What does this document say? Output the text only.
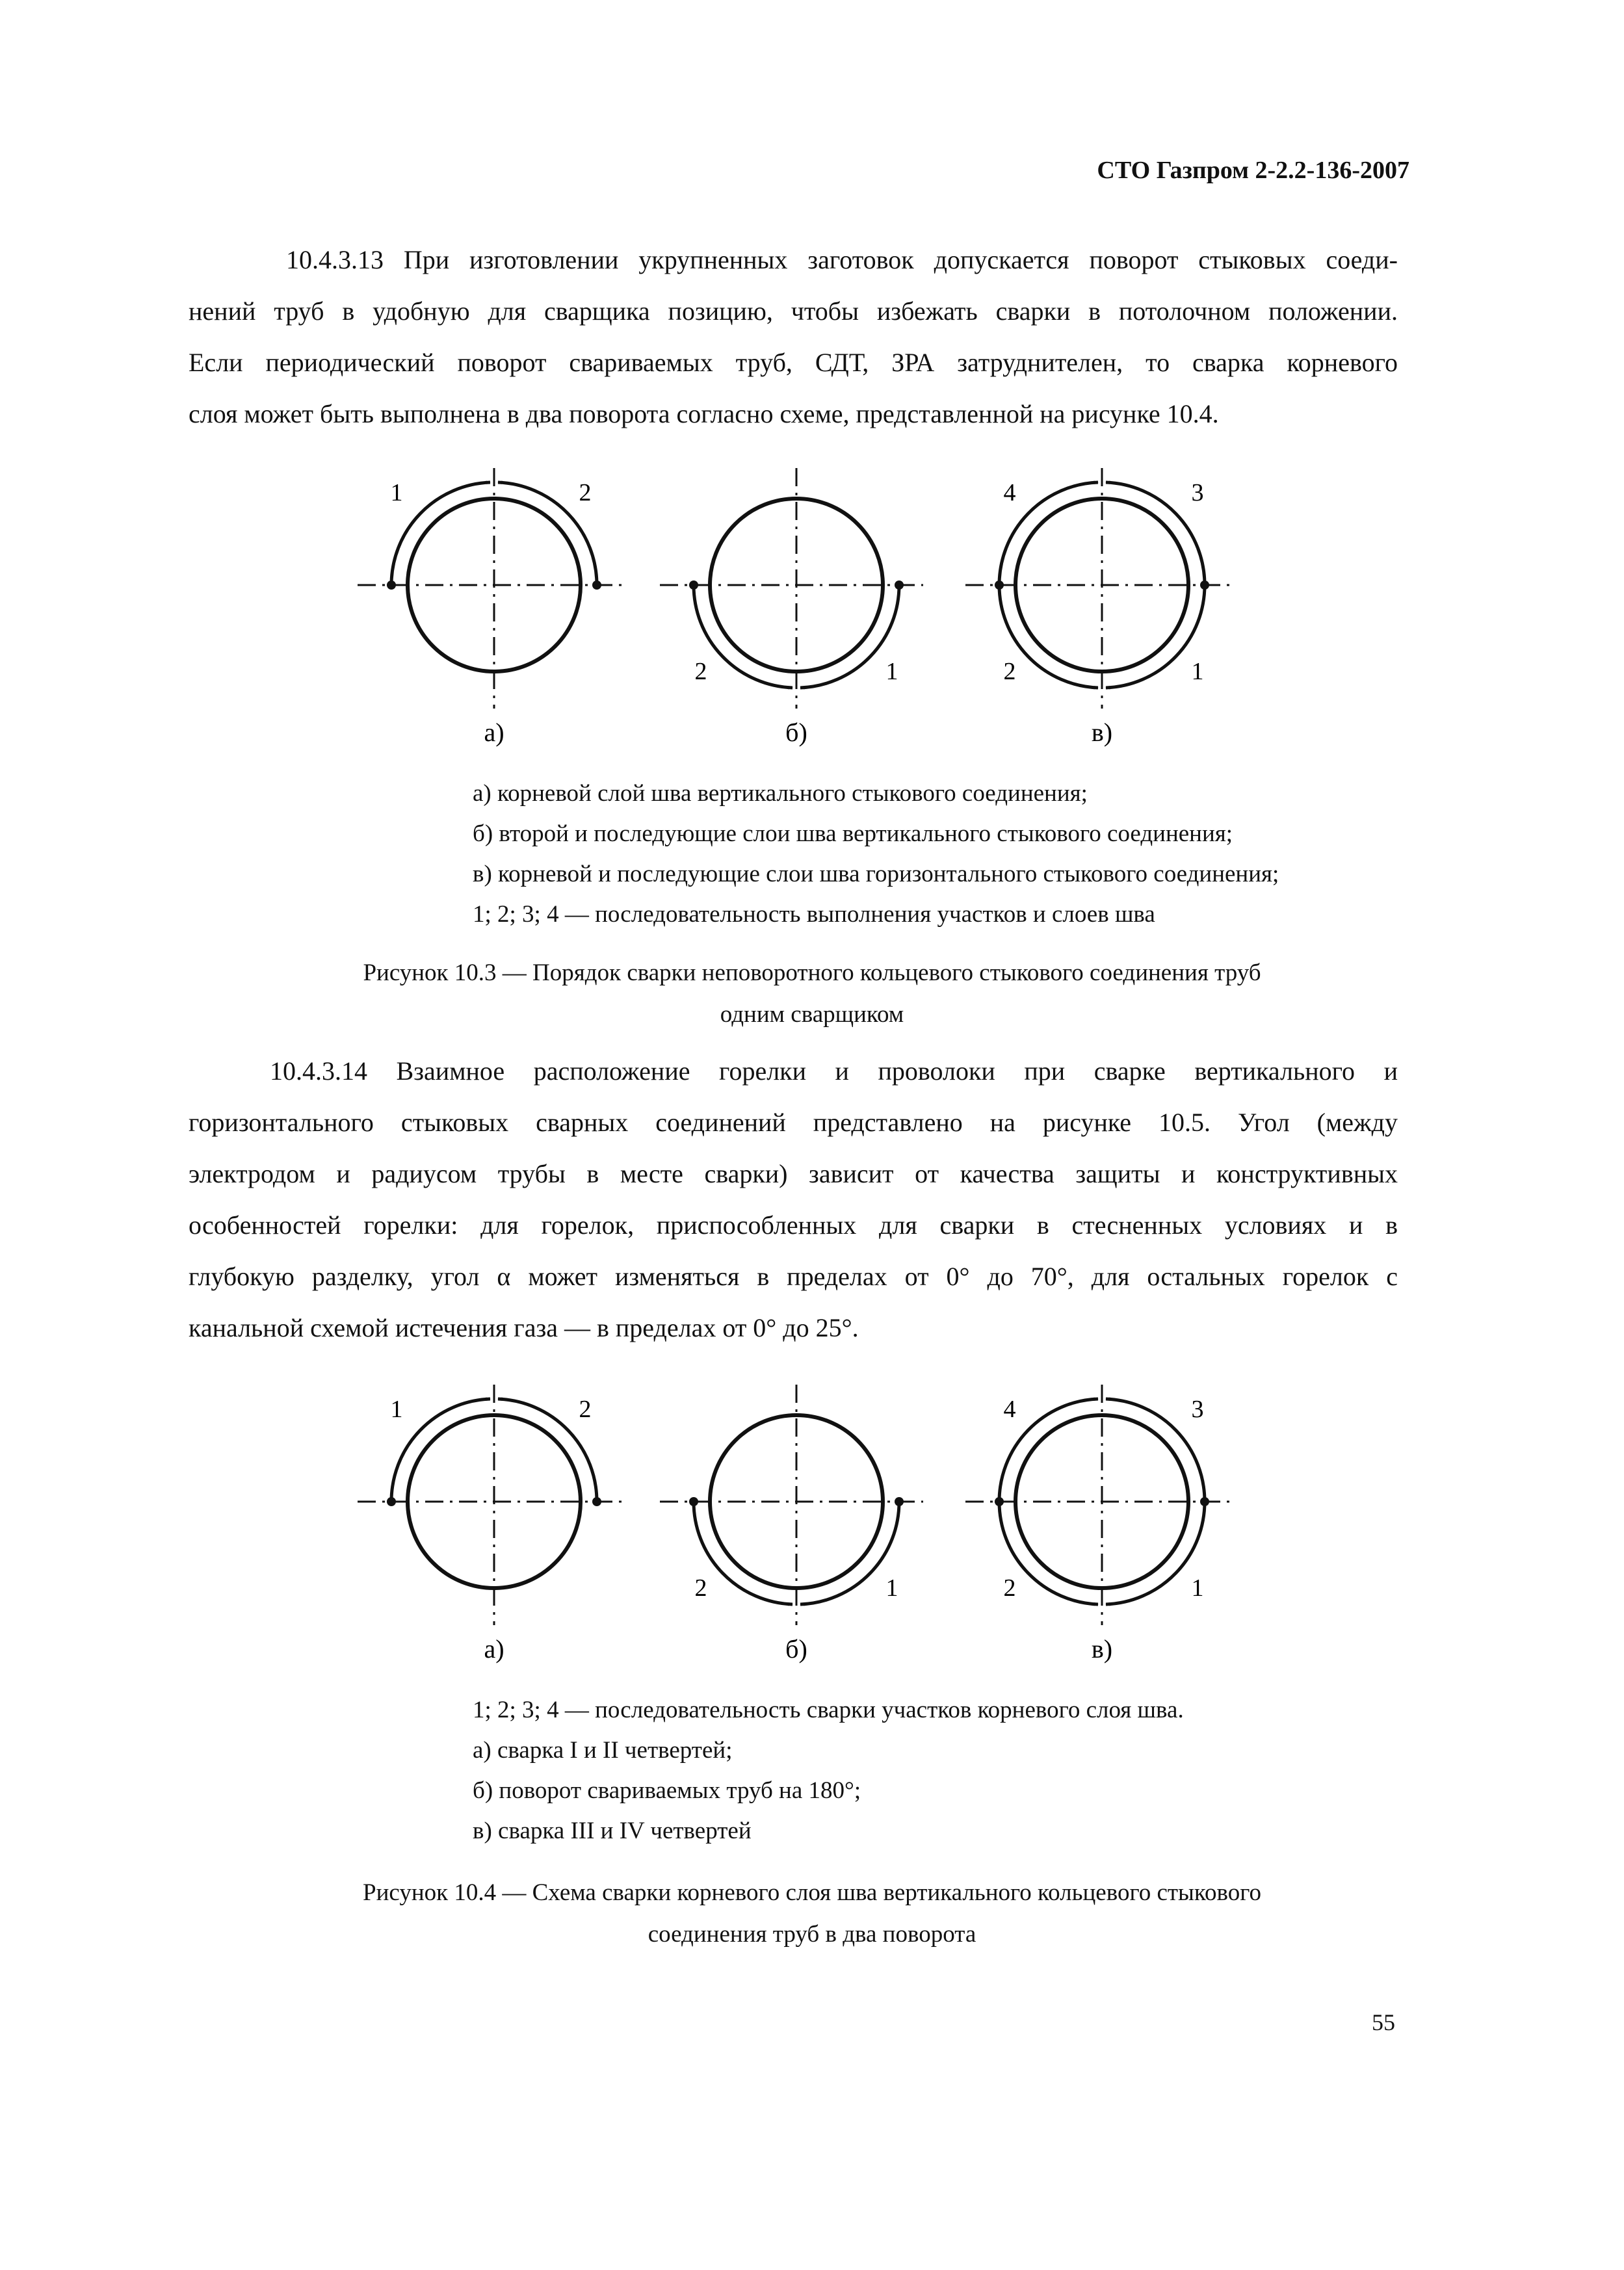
СТО Газпром 2-2.2-136-2007
10.4.3.13 При изготовлении укрупненных заготовок допускается поворот стыковых соеди-
нений труб в удобную для сварщика позицию, чтобы избежать сварки в потолочном положении.
Если периодический поворот свариваемых труб, СДТ, ЗРА затруднителен, то сварка корневого
слоя может быть выполнена в два поворота согласно схеме, представленной на рисунке 10.4.
1	2
а)
2	1
б)
4	3
2	1
в)
а) корневой слой шва вертикального стыкового соединения;
б) второй и последующие слои шва вертикального стыкового соединения;
в) корневой и последующие слои шва горизонтального стыкового соединения;
1; 2; 3; 4 — последовательность выполнения участков и слоев шва
Рисунок 10.3 — Порядок сварки неповоротного кольцевого стыкового соединения труб
одним сварщиком
10.4.3.14 Взаимное расположение горелки и проволоки при сварке вертикального и
горизонтального стыковых сварных соединений представлено на рисунке 10.5. Угол (между
электродом и радиусом трубы в месте сварки) зависит от качества защиты и конструктивных
особенностей горелки: для горелок, приспособленных для сварки в стесненных условиях и в
глубокую разделку, угол α может изменяться в пределах от 0° до 70°, для остальных горелок с
канальной схемой истечения газа — в пределах от 0° до 25°.
1	2
а)
2	1
б)
4	3
2	1
в)
1; 2; 3; 4 — последовательность сварки участков корневого слоя шва.
а) сварка I и II четвертей;
б) поворот свариваемых труб на 180°;
в) сварка III и IV четвертей
Рисунок 10.4 — Схема сварки корневого слоя шва вертикального кольцевого стыкового
соединения труб в два поворота
55
